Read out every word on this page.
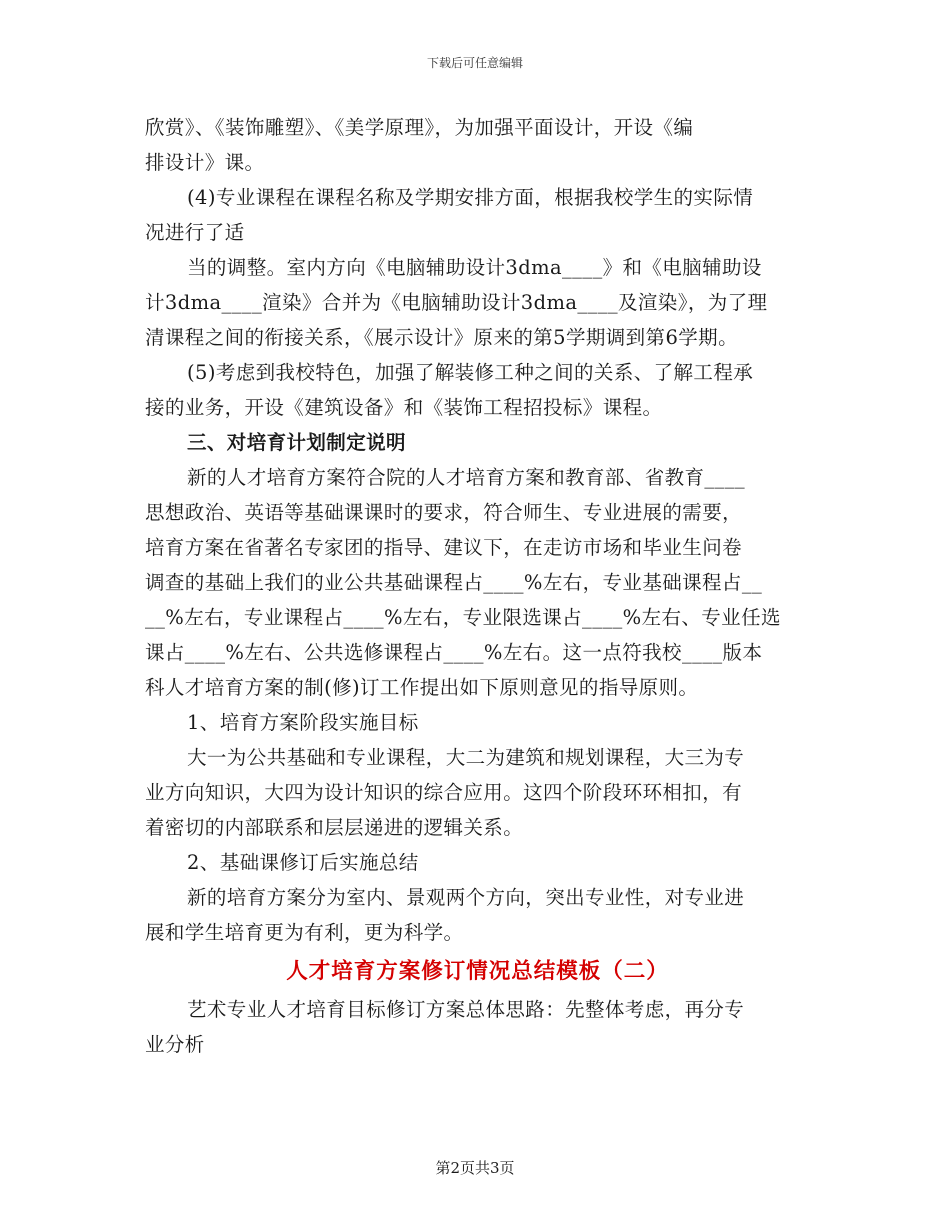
下载后可任意编辑
欣赏》、《装饰雕塑》、《美学原理》，为加强平面设计，开设《编
排设计》课。
(4)专业课程在课程名称及学期安排方面，根据我校学生的实际情
况进行了适
当的调整。室内方向《电脑辅助设计3dma____》和《电脑辅助设
计3dma____渲染》合并为《电脑辅助设计3dma____及渲染》，为了理
清课程之间的衔接关系，《展示设计》原来的第5学期调到第6学期。
(5)考虑到我校特色，加强了解装修工种之间的关系、了解工程承
接的业务，开设《建筑设备》和《装饰工程招投标》课程。
三、对培育计划制定说明
新的人才培育方案符合院的人才培育方案和教育部、省教育____
思想政治、英语等基础课课时的要求，符合师生、专业进展的需要，
培育方案在省著名专家团的指导、建议下，在走访市场和毕业生问卷
调查的基础上我们的业公共基础课程占____%左右，专业基础课程占__
__%左右，专业课程占____%左右，专业限选课占____%左右、专业任选
课占____%左右、公共选修课程占____%左右。这一点符我校____版本
科人才培育方案的制(修)订工作提出如下原则意见的指导原则。
1、培育方案阶段实施目标
大一为公共基础和专业课程，大二为建筑和规划课程，大三为专
业方向知识，大四为设计知识的综合应用。这四个阶段环环相扣，有
着密切的内部联系和层层递进的逻辑关系。
2、基础课修订后实施总结
新的培育方案分为室内、景观两个方向，突出专业性，对专业进
展和学生培育更为有利，更为科学。
人才培育方案修订情况总结模板（二）
艺术专业人才培育目标修订方案总体思路：先整体考虑，再分专
业分析
第2页共3页
